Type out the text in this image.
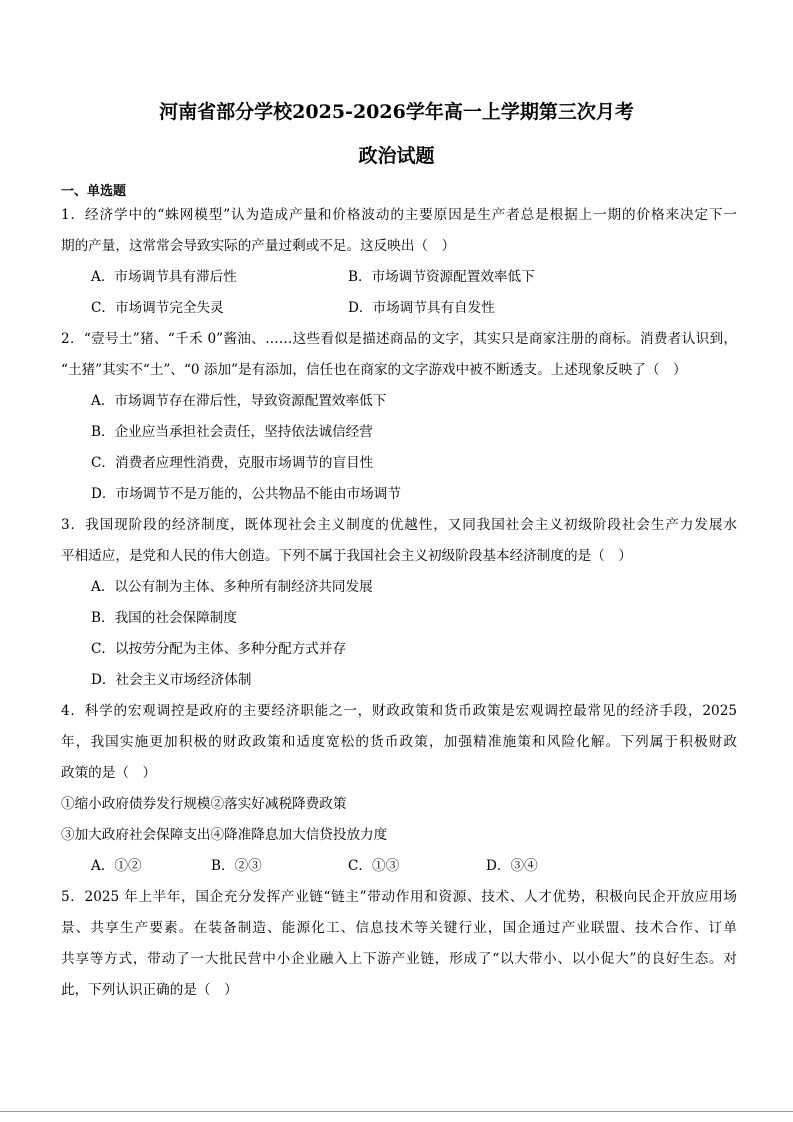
河南省部分学校2025-2026学年高一上学期第三次月考
政治试题
一、单选题
1．经济学中的“蛛网模型”认为造成产量和价格波动的主要原因是生产者总是根据上一期的价格来决定下一
期的产量，这常常会导致实际的产量过剩或不足。这反映出（　）
A．市场调节具有滞后性	B．市场调节资源配置效率低下
C．市场调节完全失灵	D．市场调节具有自发性
2．“壹号土”猪、“千禾 0”酱油、……这些看似是描述商品的文字，其实只是商家注册的商标。消费者认识到，
“土猪”其实不“土”、“0 添加”是有添加，信任也在商家的文字游戏中被不断透支。上述现象反映了（　）
A．市场调节存在滞后性，导致资源配置效率低下
B．企业应当承担社会责任，坚持依法诚信经营
C．消费者应理性消费，克服市场调节的盲目性
D．市场调节不是万能的，公共物品不能由市场调节
3．我国现阶段的经济制度，既体现社会主义制度的优越性，又同我国社会主义初级阶段社会生产力发展水
平相适应，是党和人民的伟大创造。下列不属于我国社会主义初级阶段基本经济制度的是（　）
A．以公有制为主体、多种所有制经济共同发展
B．我国的社会保障制度
C．以按劳分配为主体、多种分配方式并存
D．社会主义市场经济体制
4．科学的宏观调控是政府的主要经济职能之一，财政政策和货币政策是宏观调控最常见的经济手段，2025
年，我国实施更加积极的财政政策和适度宽松的货币政策，加强精准施策和风险化解。下列属于积极财政
政策的是（　）
①缩小政府债券发行规模②落实好减税降费政策
③加大政府社会保障支出④降准降息加大信贷投放力度
A．①②	B．②③	C．①③	D．③④
5．2025 年上半年，国企充分发挥产业链“链主”带动作用和资源、技术、人才优势，积极向民企开放应用场
景、共享生产要素。在装备制造、能源化工、信息技术等关键行业，国企通过产业联盟、技术合作、订单
共享等方式，带动了一大批民营中小企业融入上下游产业链，形成了“以大带小、以小促大”的良好生态。对
此，下列认识正确的是（　）
